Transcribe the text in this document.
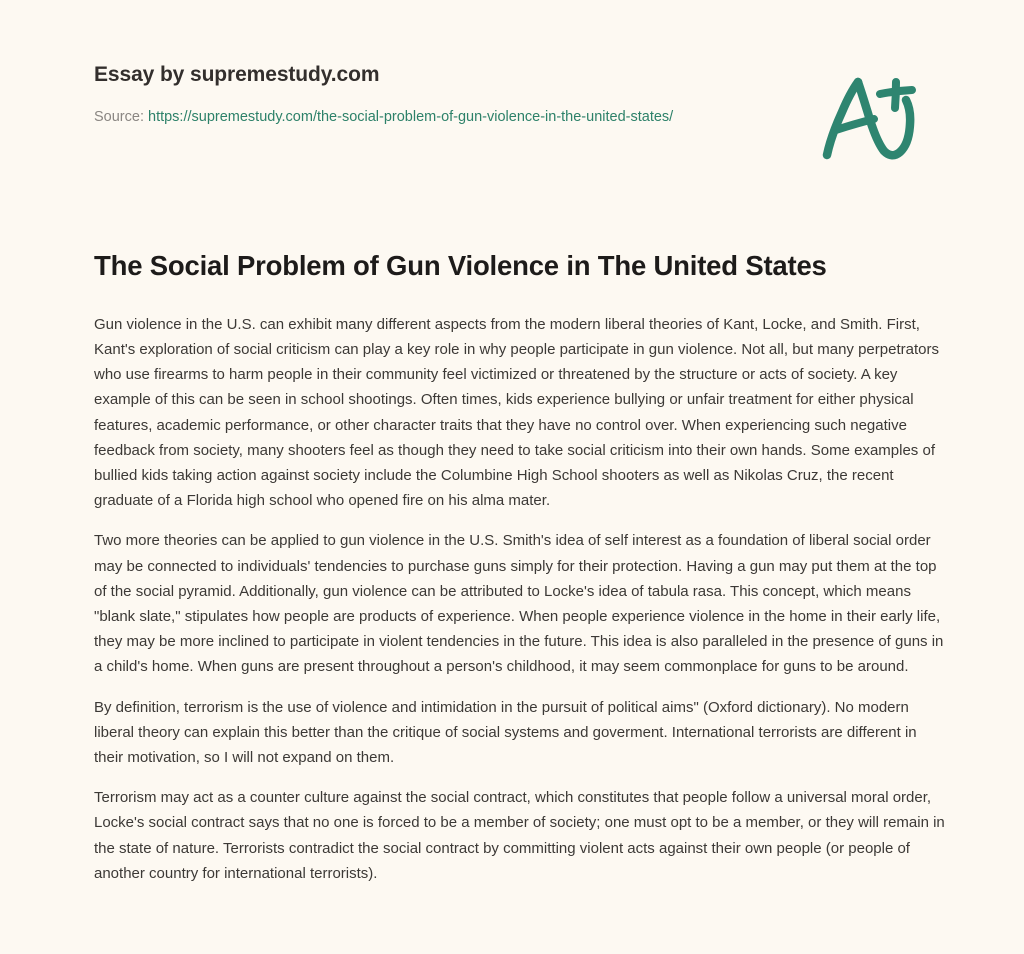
Essay by supremestudy.com
Source: https://supremestudy.com/the-social-problem-of-gun-violence-in-the-united-states/
The Social Problem of Gun Violence in The United States

Gun violence in the U.S. can exhibit many different aspects from the modern liberal theories of Kant, Locke, and Smith. First, Kant's exploration of social criticism can play a key role in why people participate in gun violence. Not all, but many perpetrators who use firearms to harm people in their community feel victimized or threatened by the structure or acts of society. A key example of this can be seen in school shootings. Often times, kids experience bullying or unfair treatment for either physical features, academic performance, or other character traits that they have no control over. When experiencing such negative feedback from society, many shooters feel as though they need to take social criticism into their own hands. Some examples of bullied kids taking action against society include the Columbine High School shooters as well as Nikolas Cruz, the recent graduate of a Florida high school who opened fire on his alma mater.

Two more theories can be applied to gun violence in the U.S. Smith's idea of self interest as a foundation of liberal social order may be connected to individuals' tendencies to purchase guns simply for their protection. Having a gun may put them at the top of the social pyramid. Additionally, gun violence can be attributed to Locke's idea of tabula rasa. This concept, which means "blank slate," stipulates how people are products of experience. When people experience violence in the home in their early life, they may be more inclined to participate in violent tendencies in the future. This idea is also paralleled in the presence of guns in a child's home. When guns are present throughout a person's childhood, it may seem commonplace for guns to be around.

By definition, terrorism is the use of violence and intimidation in the pursuit of political aims" (Oxford dictionary). No modern liberal theory can explain this better than the critique of social systems and goverment. International terrorists are different in their motivation, so I will not expand on them.

Terrorism may act as a counter culture against the social contract, which constitutes that people follow a universal moral order, Locke's social contract says that no one is forced to be a member of society; one must opt to be a member, or they will remain in the state of nature. Terrorists contradict the social contract by committing violent acts against their own people (or people of another country for international terrorists).
